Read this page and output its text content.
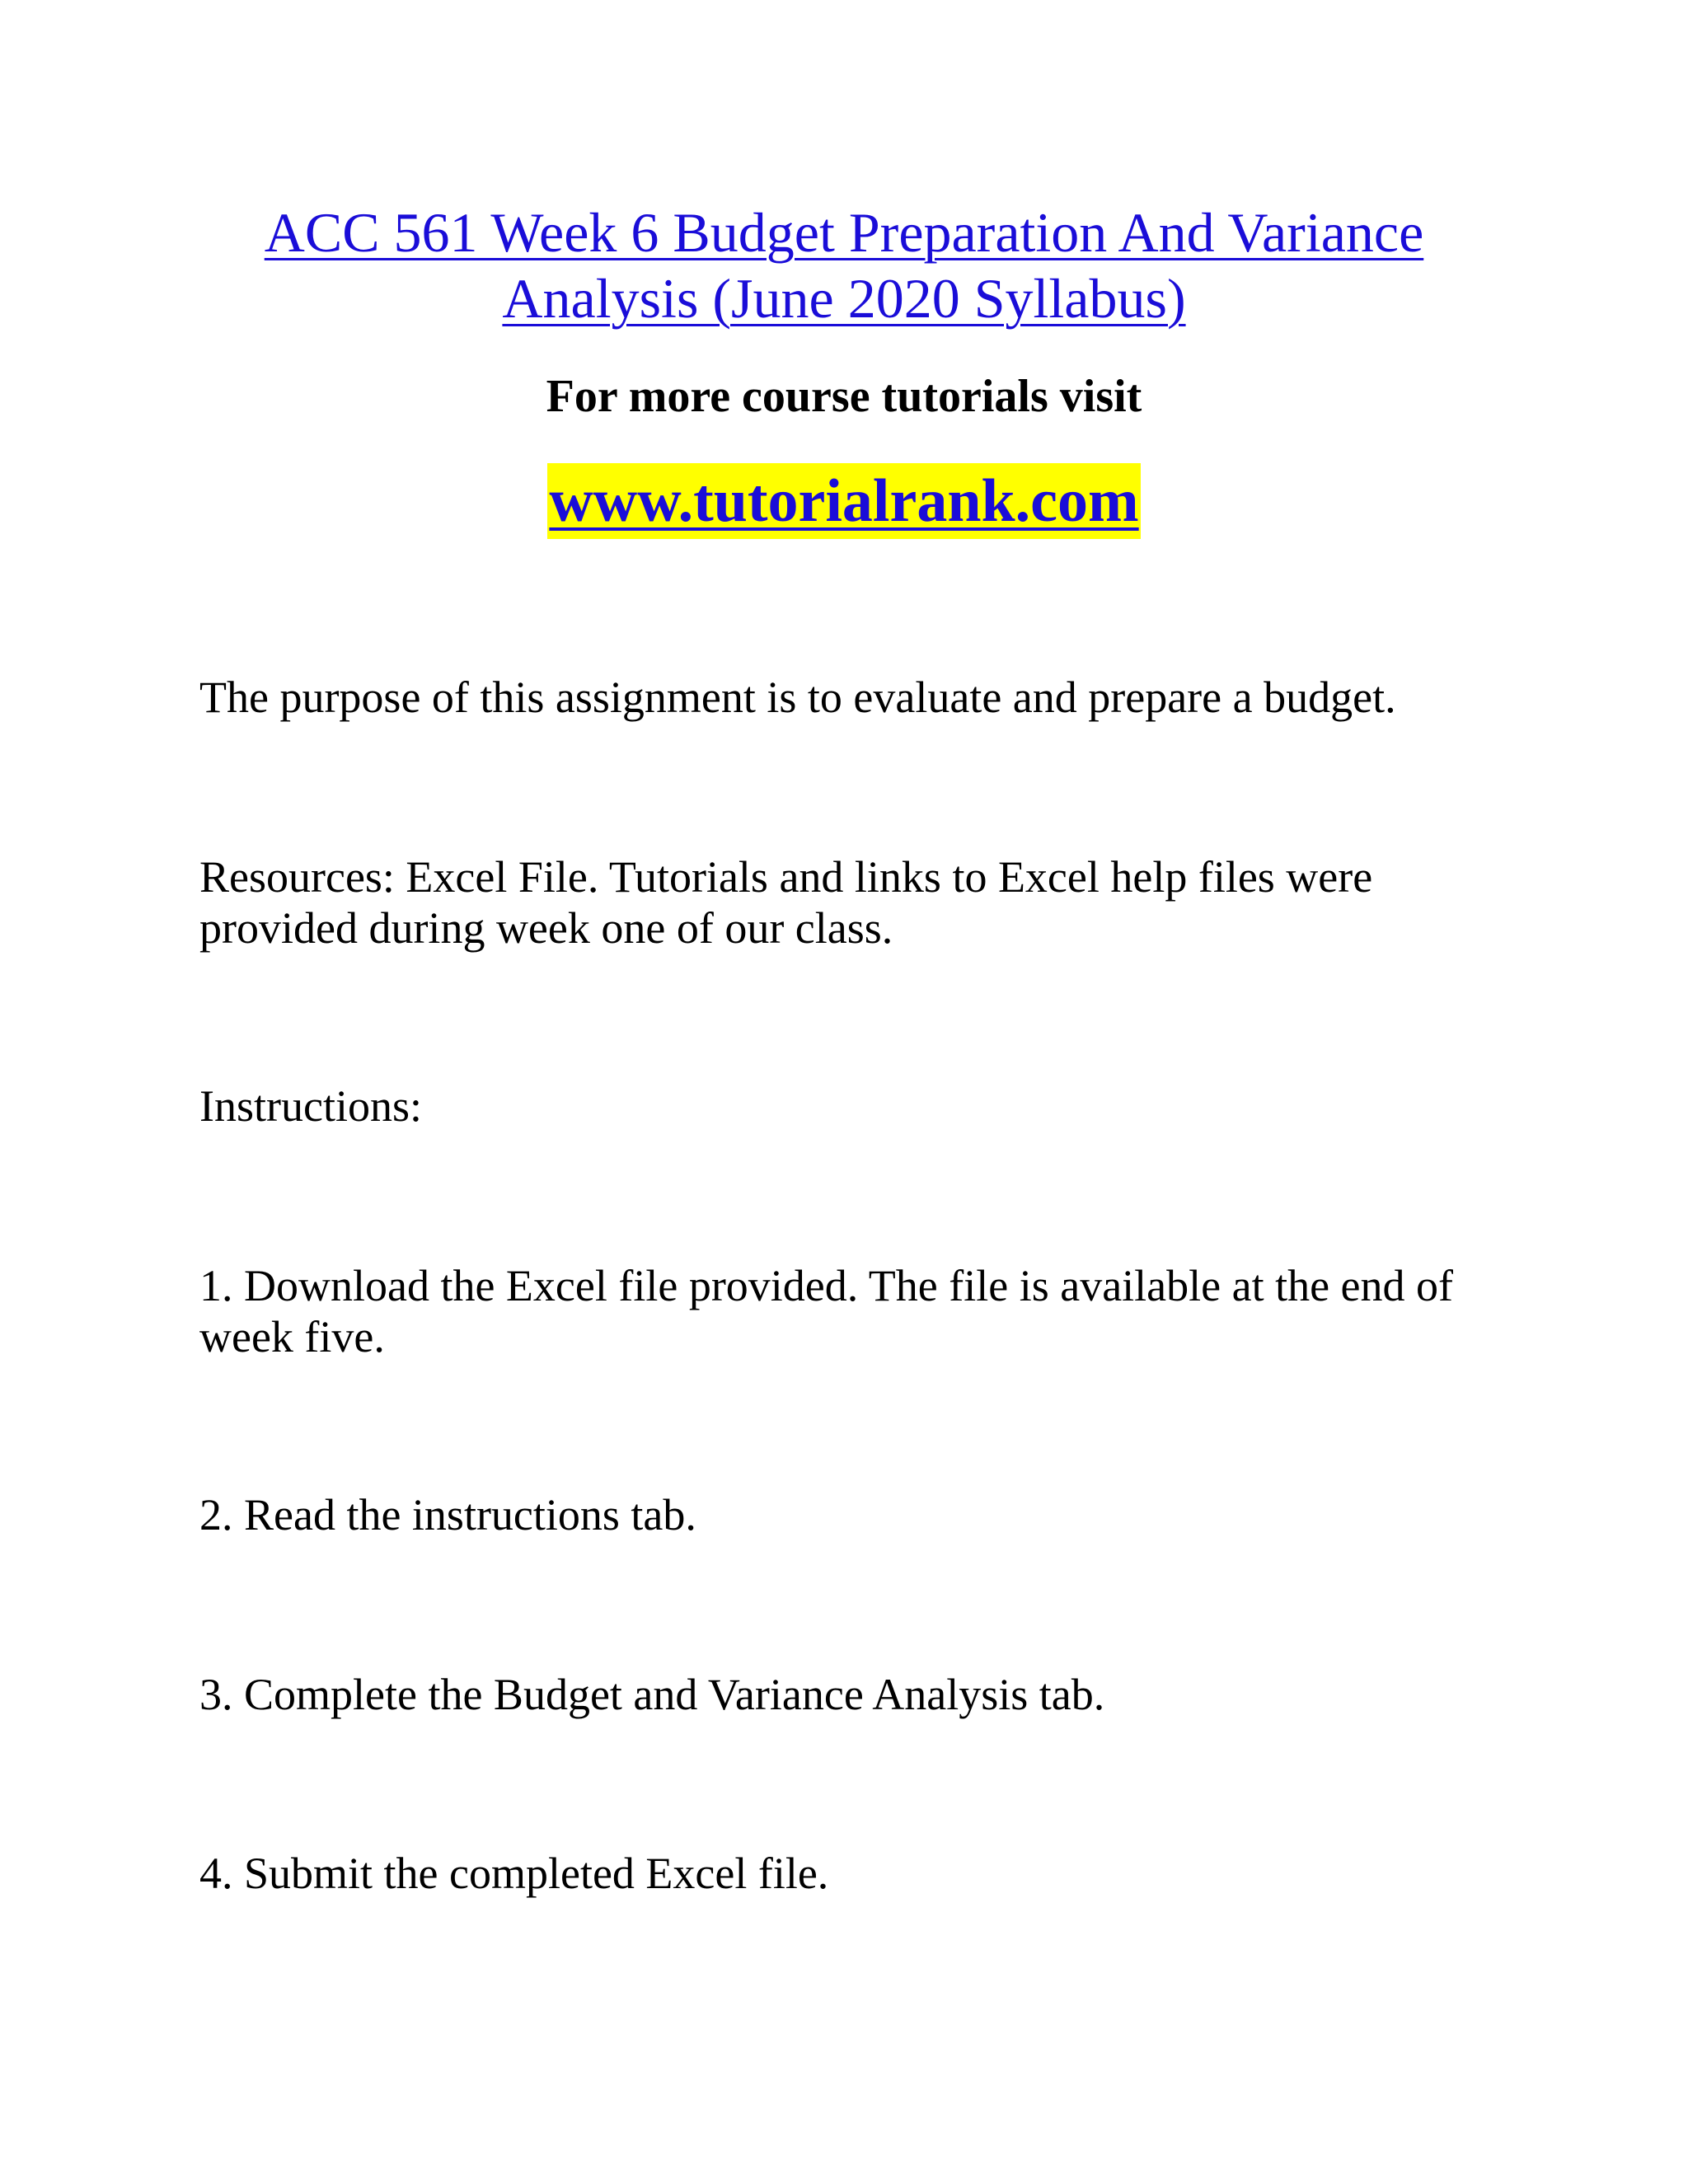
ACC 561 Week 6 Budget Preparation And Variance
Analysis (June 2020 Syllabus)

For more course tutorials visit

www.tutorialrank.com

The purpose of this assignment is to evaluate and prepare a budget.

Resources: Excel File. Tutorials and links to Excel help files were
provided during week one of our class.

Instructions:

1. Download the Excel file provided. The file is available at the end of
week five.

2. Read the instructions tab.

3. Complete the Budget and Variance Analysis tab.

4. Submit the completed Excel file.
